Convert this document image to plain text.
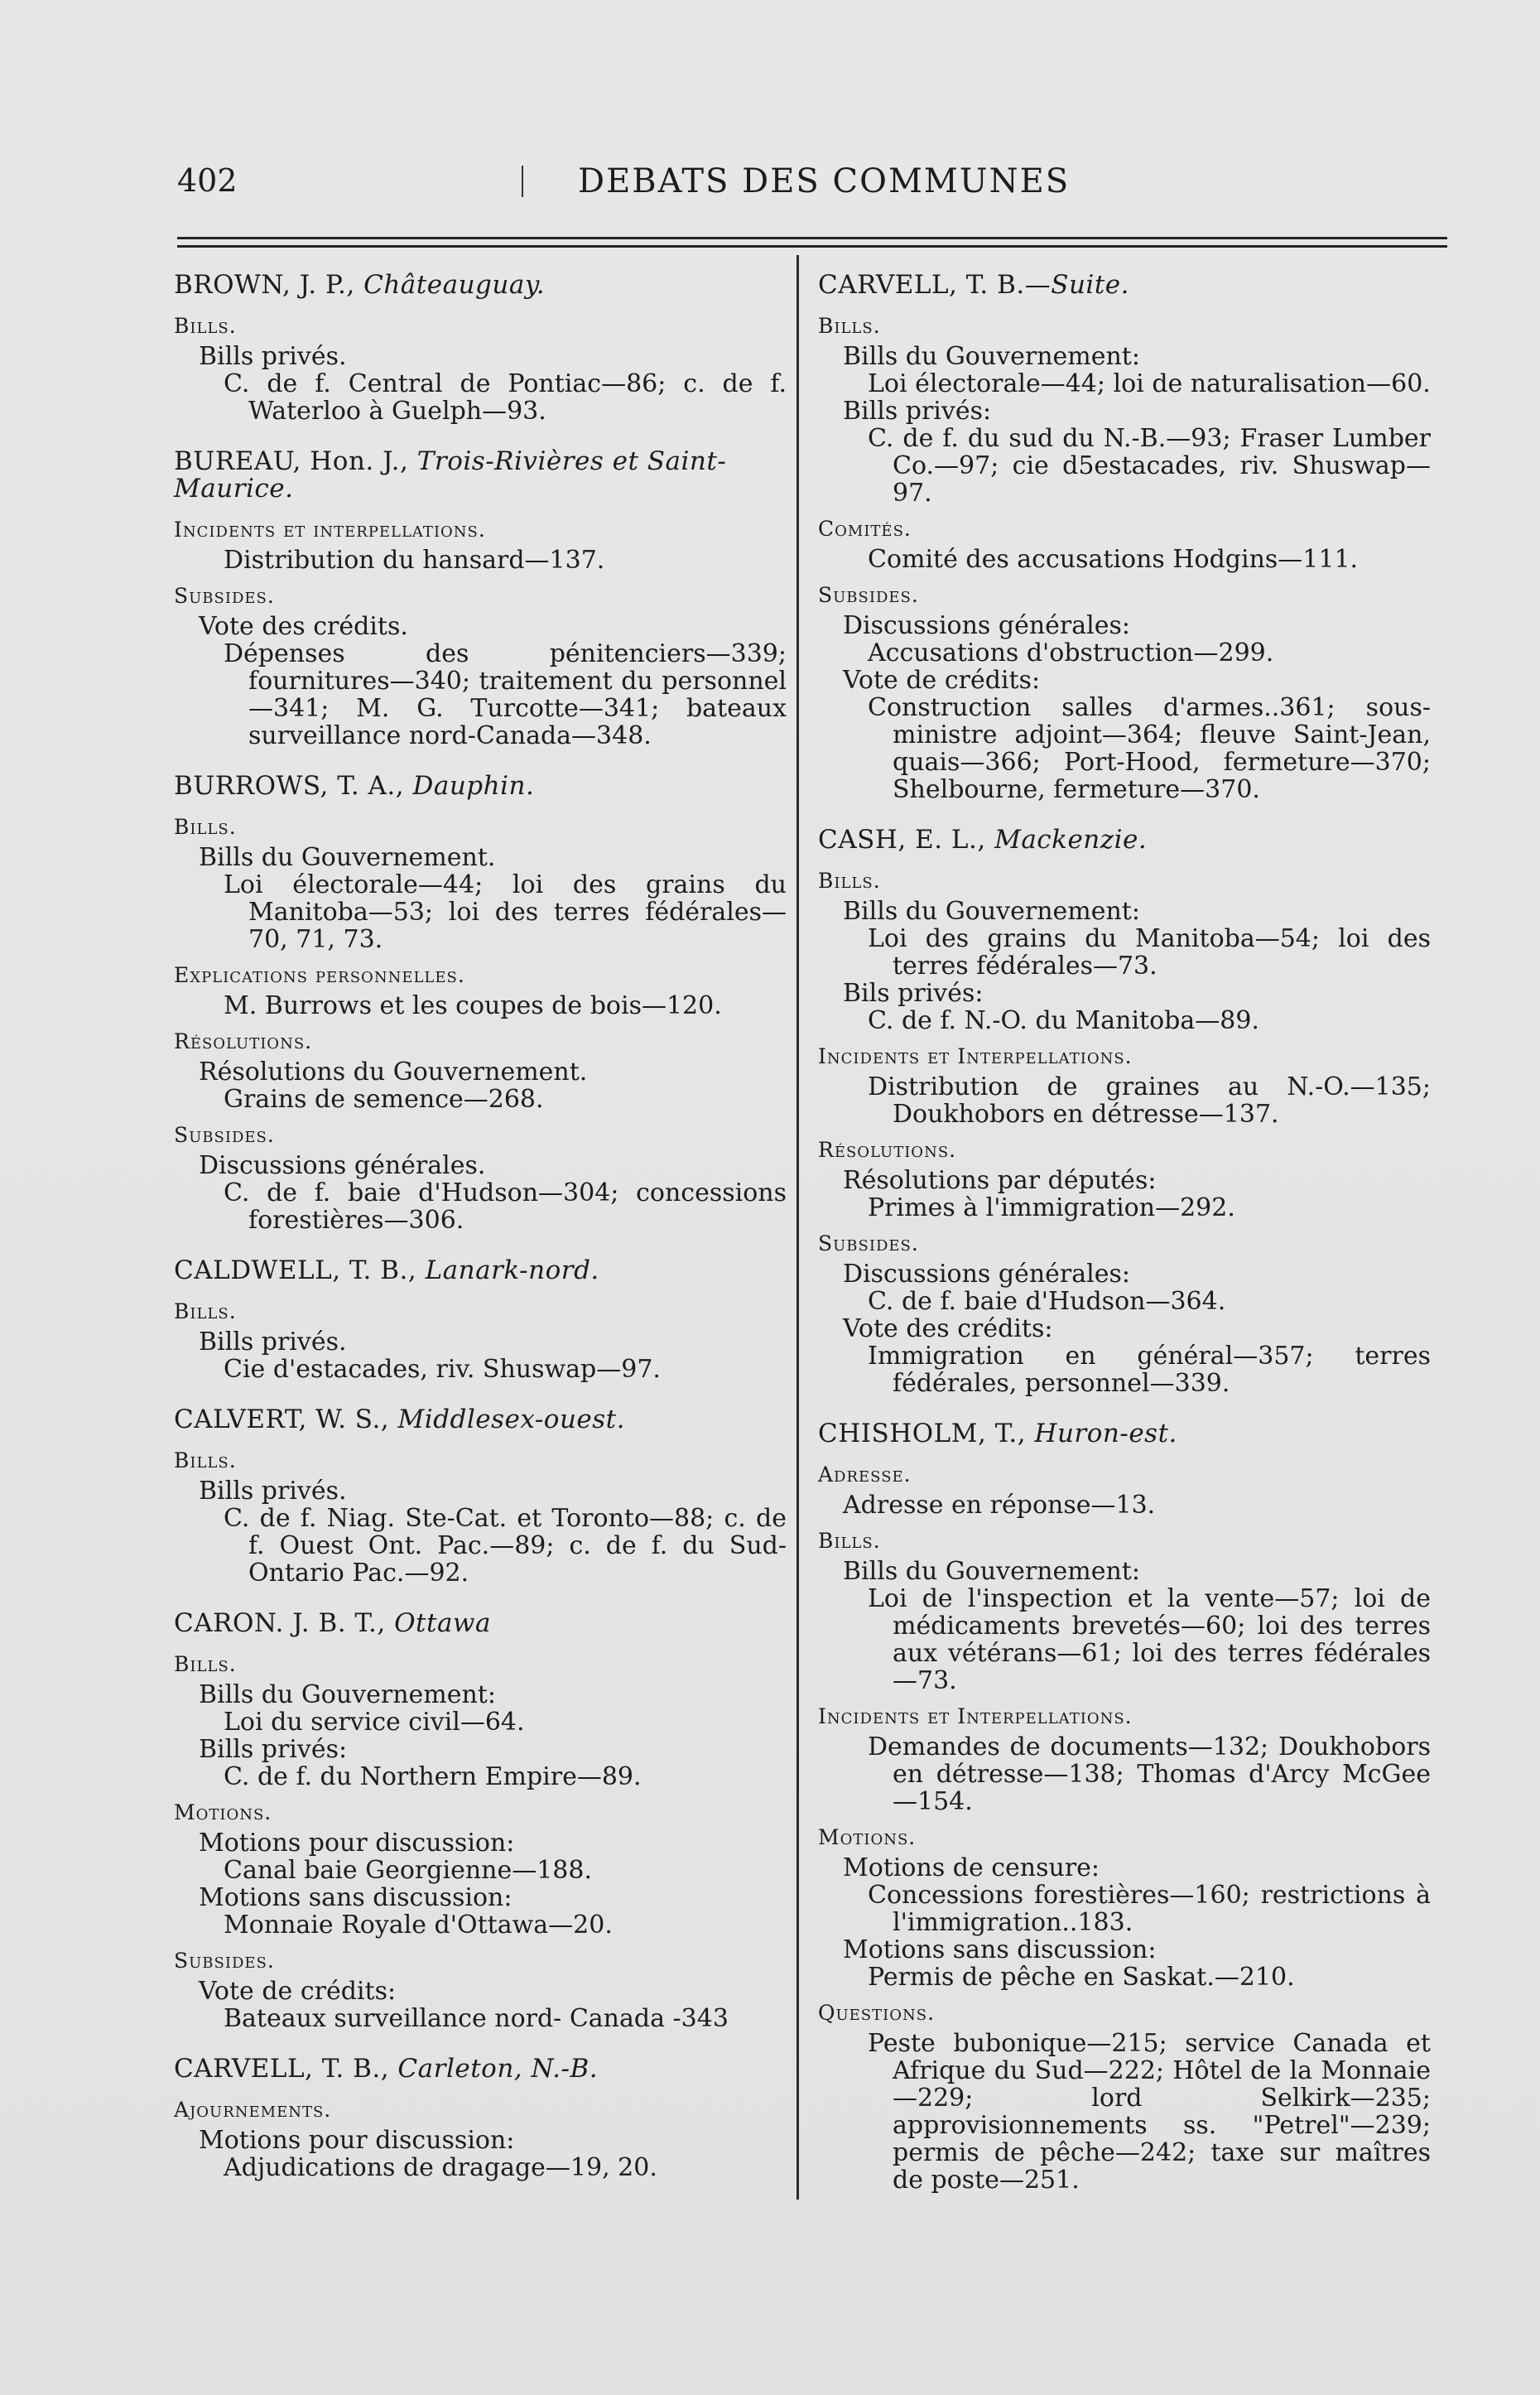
402	DEBATS DES COMMUNES
BROWN, J. P., Châteauguay.
Bills.
Bills privés.
C. de f. Central de Pontiac—86; c. de f. Waterloo à Guelph—93.
BUREAU, Hon. J., Trois-Rivières et Saint-Maurice.
Incidents et interpellations.
Distribution du hansard—137.
Subsides.
Vote des crédits.
Dépenses des pénitenciers—339; fournitures—340; traitement du personnel—341; M. G. Turcotte—341; bateaux surveillance nord-Canada—348.
BURROWS, T. A., Dauphin.
Bills.
Bills du Gouvernement.
Loi électorale—44; loi des grains du Manitoba—53; loi des terres fédérales—70, 71, 73.
Explications personnelles.
M. Burrows et les coupes de bois—120.
Résolutions.
Résolutions du Gouvernement.
Grains de semence—268.
Subsides.
Discussions générales.
C. de f. baie d'Hudson—304; concessions forestières—306.
CALDWELL, T. B., Lanark-nord.
Bills.
Bills privés.
Cie d'estacades, riv. Shuswap—97.
CALVERT, W. S., Middlesex-ouest.
Bills.
Bills privés.
C. de f. Niag. Ste-Cat. et Toronto—88; c. de f. Ouest Ont. Pac.—89; c. de f. du Sud-Ontario Pac.—92.
CARON. J. B. T., Ottawa
Bills.
Bills du Gouvernement:
Loi du service civil—64.
Bills privés:
C. de f. du Northern Empire—89.
Motions.
Motions pour discussion:
Canal baie Georgienne—188.
Motions sans discussion:
Monnaie Royale d'Ottawa—20.
Subsides.
Vote de crédits:
Bateaux surveillance nord- Canada -343
CARVELL, T. B., Carleton, N.-B.
Ajournements.
Motions pour discussion:
Adjudications de dragage—19, 20.
CARVELL, T. B.—Suite.
Bills.
Bills du Gouvernement:
Loi électorale—44; loi de naturalisation—60.
Bills privés:
C. de f. du sud du N.-B.—93; Fraser Lumber Co.—97; cie d5estacades, riv. Shuswap—97.
Comités.
Comité des accusations Hodgins—111.
Subsides.
Discussions générales:
Accusations d'obstruction—299.
Vote de crédits:
Construction salles d'armes..361; sous-ministre adjoint—364; fleuve Saint-Jean, quais—366; Port-Hood, fermeture—370; Shelbourne, fermeture—370.
CASH, E. L., Mackenzie.
Bills.
Bills du Gouvernement:
Loi des grains du Manitoba—54; loi des terres fédérales—73.
Bils privés:
C. de f. N.-O. du Manitoba—89.
Incidents et Interpellations.
Distribution de graines au N.-O.—135; Doukhobors en détresse—137.
Résolutions.
Résolutions par députés:
Primes à l'immigration—292.
Subsides.
Discussions générales:
C. de f. baie d'Hudson—364.
Vote des crédits:
Immigration en général—357; terres fédérales, personnel—339.
CHISHOLM, T., Huron-est.
Adresse.
Adresse en réponse—13.
Bills.
Bills du Gouvernement:
Loi de l'inspection et la vente—57; loi de médicaments brevetés—60; loi des terres aux vétérans—61; loi des terres fédérales—73.
Incidents et Interpellations.
Demandes de documents—132; Doukhobors en détresse—138; Thomas d'Arcy McGee—154.
Motions.
Motions de censure:
Concessions forestières—160; restrictions à l'immigration..183.
Motions sans discussion:
Permis de pêche en Saskat.—210.
Questions.
Peste bubonique—215; service Canada et Afrique du Sud—222; Hôtel de la Monnaie—229; lord Selkirk—235; approvisionnements ss. "Petrel"—239; permis de pêche—242; taxe sur maîtres de poste—251.
